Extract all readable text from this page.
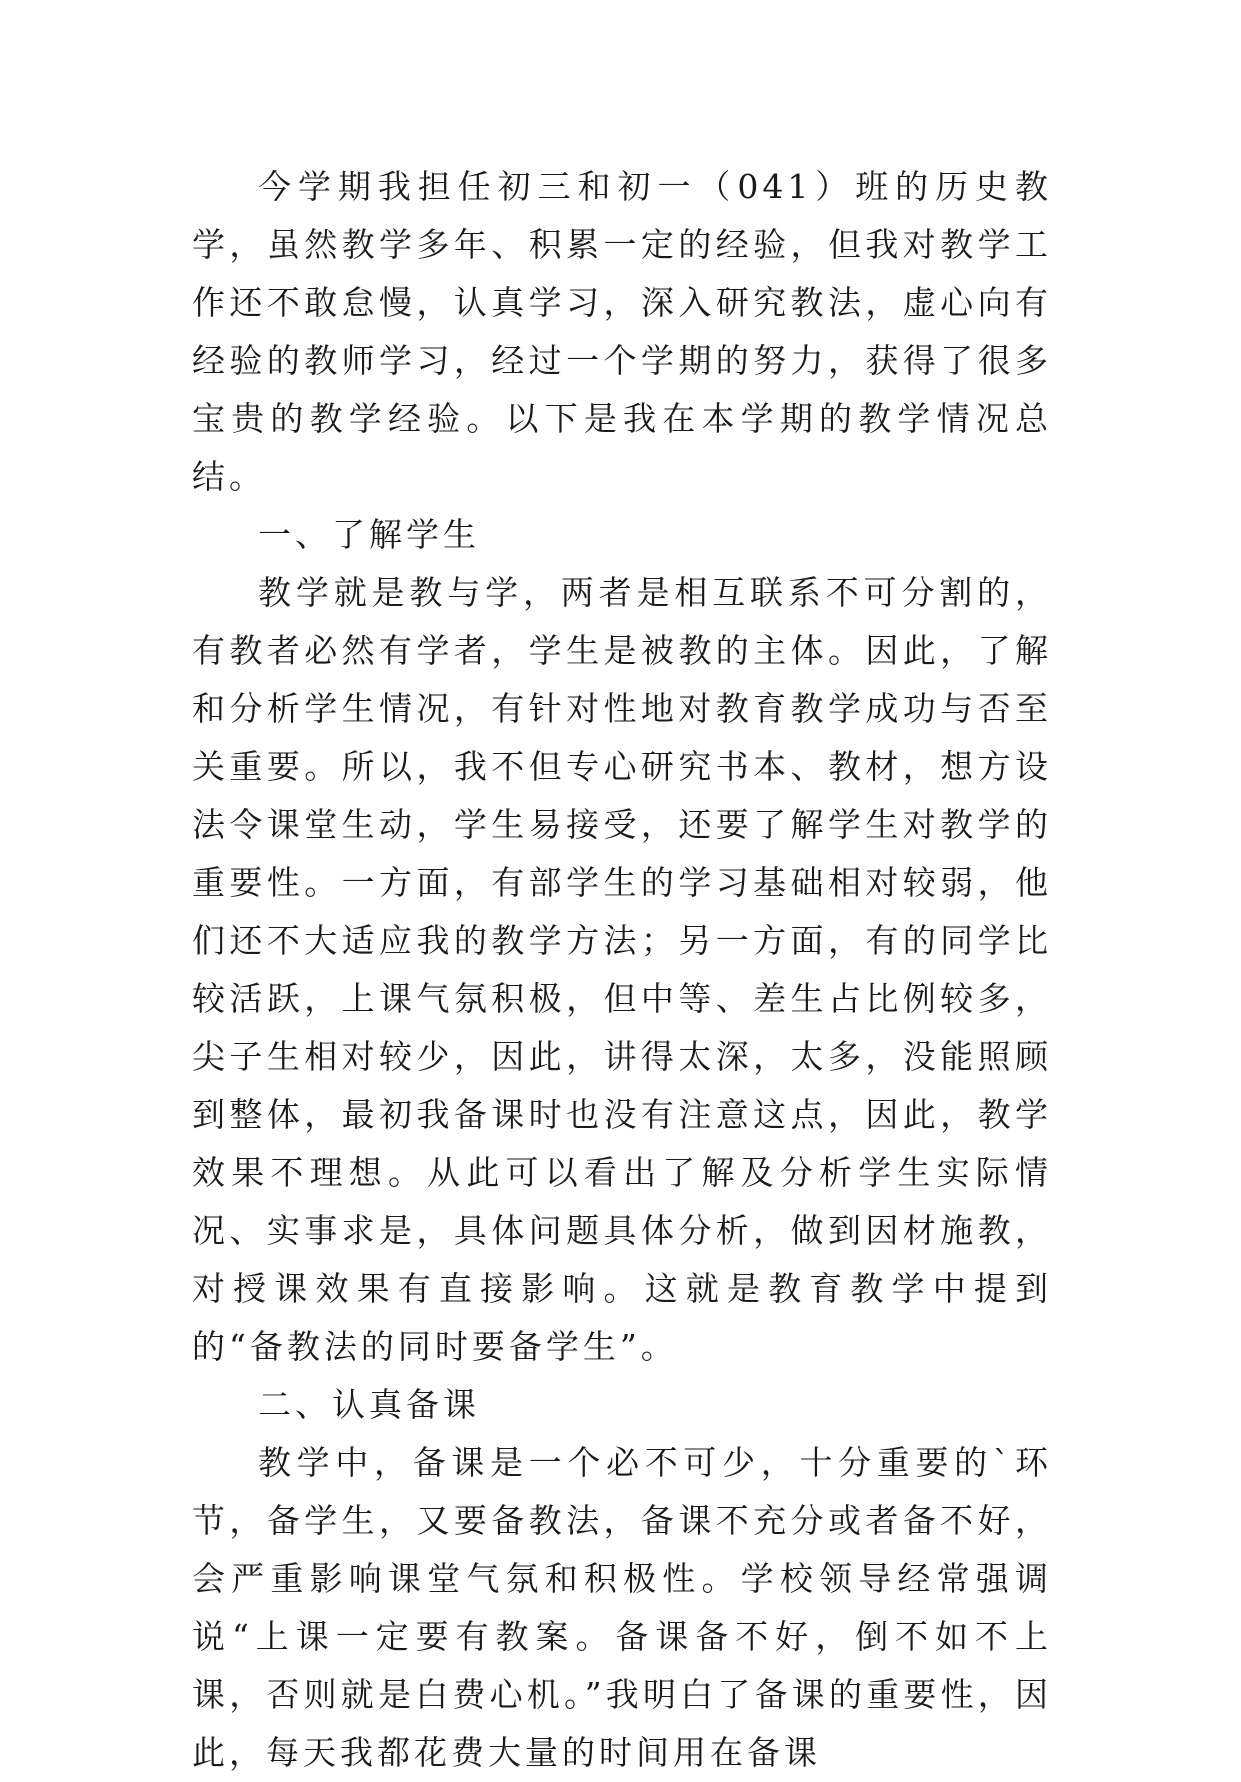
今学期我担任初三和初一（041）班的历史教学，虽然教学多年、积累一定的经验，但我对教学工作还不敢怠慢，认真学习，深入研究教法，虚心向有经验的教师学习，经过一个学期的努力，获得了很多宝贵的教学经验。以下是我在本学期的教学情况总结。

一、了解学生

教学就是教与学，两者是相互联系不可分割的，有教者必然有学者，学生是被教的主体。因此，了解和分析学生情况，有针对性地对教育教学成功与否至关重要。所以，我不但专心研究书本、教材，想方设法令课堂生动，学生易接受，还要了解学生对教学的重要性。一方面，有部学生的学习基础相对较弱，他们还不大适应我的教学方法；另一方面，有的同学比较活跃，上课气氛积极，但中等、差生占比例较多，尖子生相对较少，因此，讲得太深，太多，没能照顾到整体，最初我备课时也没有注意这点，因此，教学效果不理想。从此可以看出了解及分析学生实际情况、实事求是，具体问题具体分析，做到因材施教，对授课效果有直接影响。这就是教育教学中提到的“备教法的同时要备学生”。

二、认真备课

教学中，备课是一个必不可少，十分重要的`环节，备学生，又要备教法，备课不充分或者备不好，会严重影响课堂气氛和积极性。学校领导经常强调说“上课一定要有教案。备课备不好，倒不如不上课，否则就是白费心机。”我明白了备课的重要性，因此，每天我都花费大量的时间用在备课
